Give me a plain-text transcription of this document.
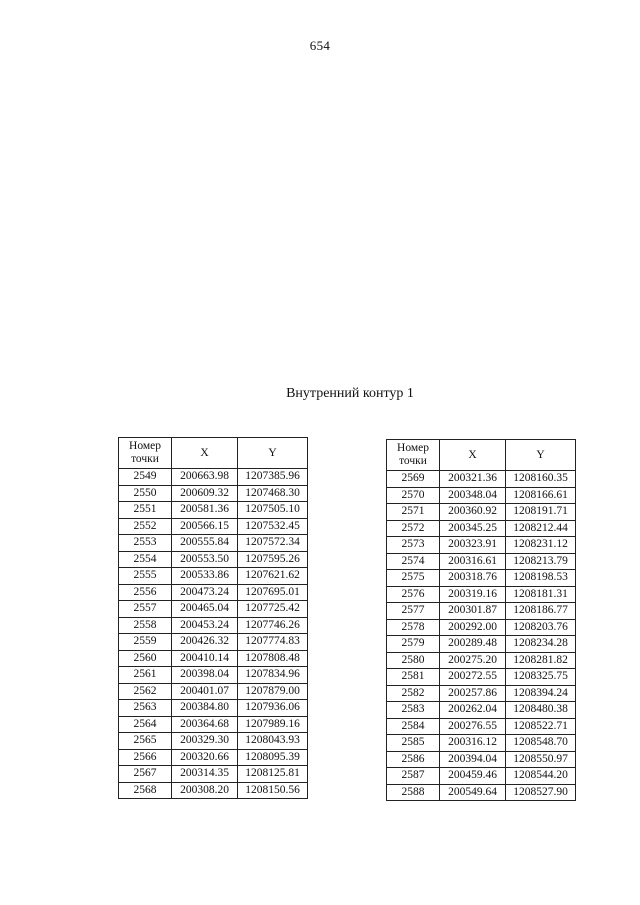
654
Внутренний контур 1
Номер
точки	X	Y
2549	200663.98	1207385.96
2550	200609.32	1207468.30
2551	200581.36	1207505.10
2552	200566.15	1207532.45
2553	200555.84	1207572.34
2554	200553.50	1207595.26
2555	200533.86	1207621.62
2556	200473.24	1207695.01
2557	200465.04	1207725.42
2558	200453.24	1207746.26
2559	200426.32	1207774.83
2560	200410.14	1207808.48
2561	200398.04	1207834.96
2562	200401.07	1207879.00
2563	200384.80	1207936.06
2564	200364.68	1207989.16
2565	200329.30	1208043.93
2566	200320.66	1208095.39
2567	200314.35	1208125.81
2568	200308.20	1208150.56
Номер
точки	X	Y
2569	200321.36	1208160.35
2570	200348.04	1208166.61
2571	200360.92	1208191.71
2572	200345.25	1208212.44
2573	200323.91	1208231.12
2574	200316.61	1208213.79
2575	200318.76	1208198.53
2576	200319.16	1208181.31
2577	200301.87	1208186.77
2578	200292.00	1208203.76
2579	200289.48	1208234.28
2580	200275.20	1208281.82
2581	200272.55	1208325.75
2582	200257.86	1208394.24
2583	200262.04	1208480.38
2584	200276.55	1208522.71
2585	200316.12	1208548.70
2586	200394.04	1208550.97
2587	200459.46	1208544.20
2588	200549.64	1208527.90
